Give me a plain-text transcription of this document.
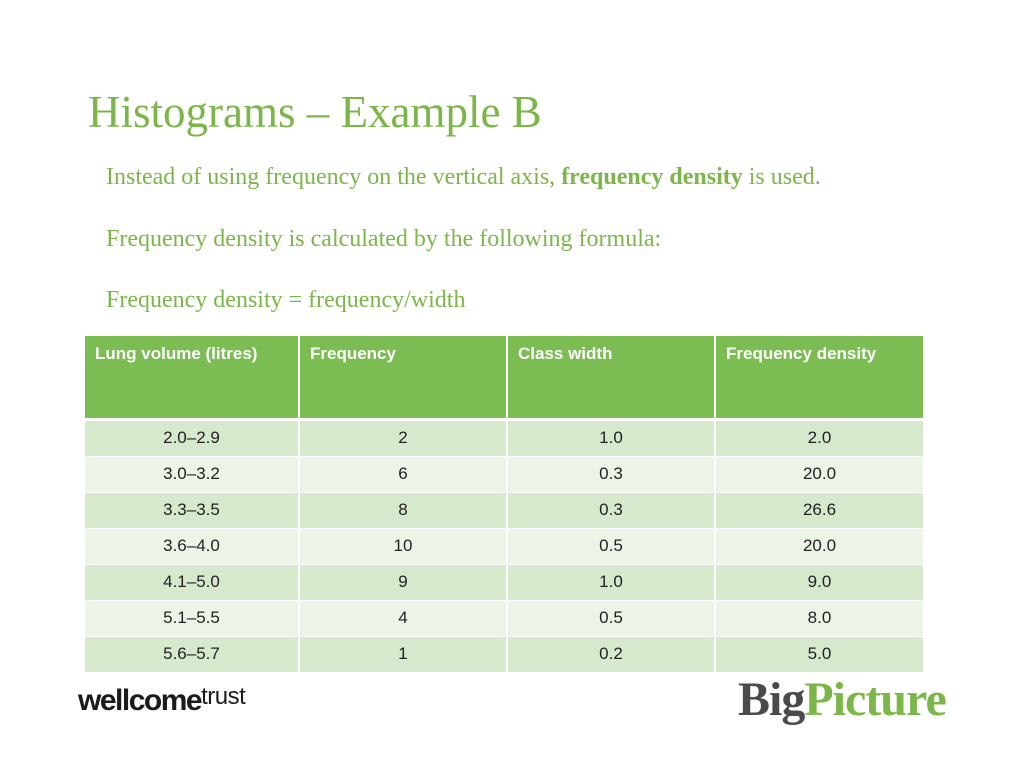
Histograms – Example B
Instead of using frequency on the vertical axis, frequency density is used.
Frequency density is calculated by the following formula:
Frequency density = frequency/width
Lung volume (litres)	Frequency	Class width	Frequency density
2.0–2.9	2	1.0	2.0
3.0–3.2	6	0.3	20.0
3.3–3.5	8	0.3	26.6
3.6–4.0	10	0.5	20.0
4.1–5.0	9	1.0	9.0
5.1–5.5	4	0.5	8.0
5.6–5.7	1	0.2	5.0
wellcometrust	BigPicture
